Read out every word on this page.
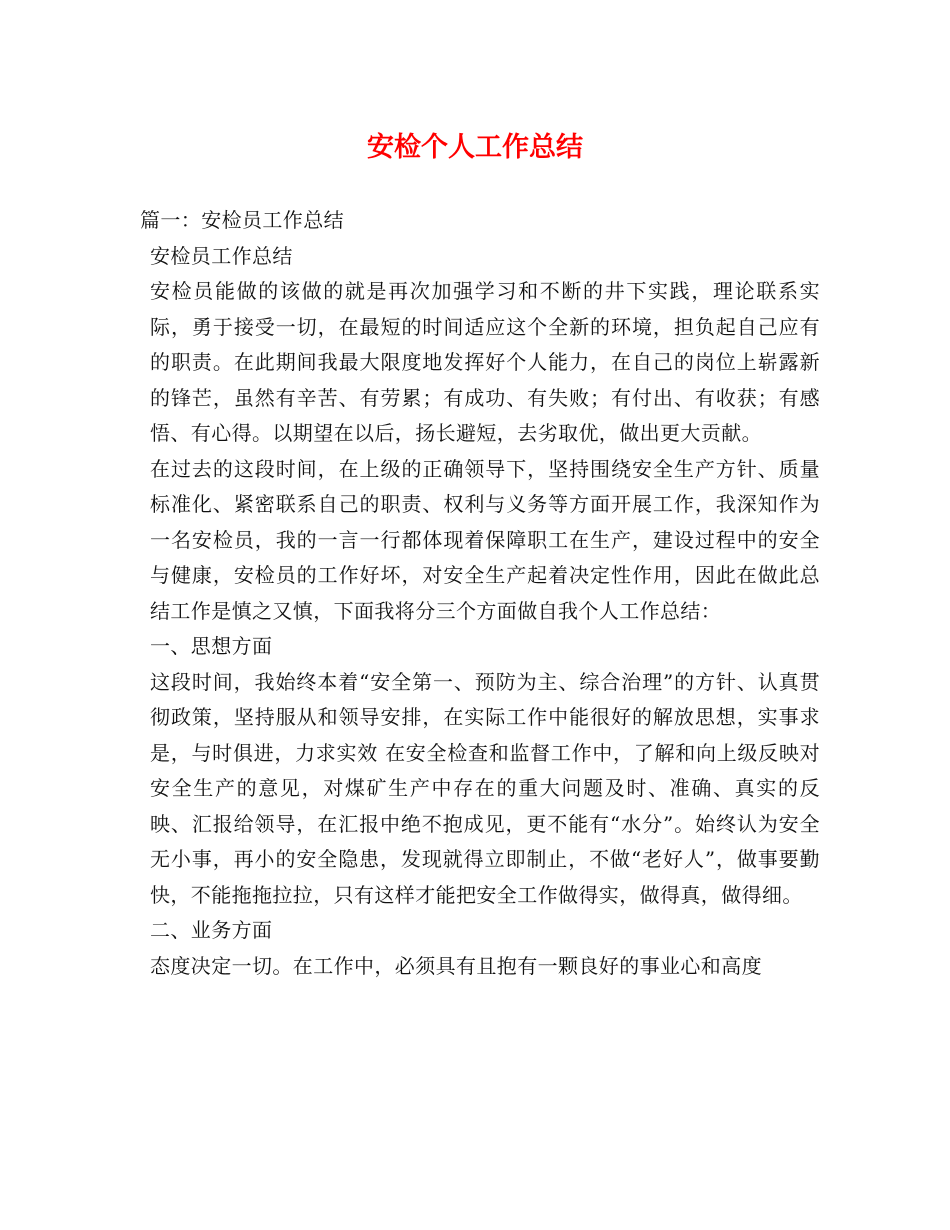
安检个人工作总结

篇一：安检员工作总结

安检员工作总结

安检员能做的该做的就是再次加强学习和不断的井下实践，理论联系实际，勇于接受一切，在最短的时间适应这个全新的环境，担负起自己应有的职责。在此期间我最大限度地发挥好个人能力，在自己的岗位上崭露新的锋芒，虽然有辛苦、有劳累；有成功、有失败；有付出、有收获；有感悟、有心得。以期望在以后，扬长避短，去劣取优，做出更大贡献。

在过去的这段时间，在上级的正确领导下，坚持围绕安全生产方针、质量标准化、紧密联系自己的职责、权利与义务等方面开展工作，我深知作为一名安检员，我的一言一行都体现着保障职工在生产，建设过程中的安全与健康，安检员的工作好坏，对安全生产起着决定性作用，因此在做此总结工作是慎之又慎，下面我将分三个方面做自我个人工作总结：

一、思想方面

这段时间，我始终本着“安全第一、预防为主、综合治理”的方针、认真贯彻政策，坚持服从和领导安排，在实际工作中能很好的解放思想，实事求是，与时俱进，力求实效 在安全检查和监督工作中，了解和向上级反映对安全生产的意见，对煤矿生产中存在的重大问题及时、准确、真实的反映、汇报给领导，在汇报中绝不抱成见，更不能有“水分”。始终认为安全无小事，再小的安全隐患，发现就得立即制止，不做“老好人”，做事要勤快，不能拖拖拉拉，只有这样才能把安全工作做得实，做得真，做得细。

二、业务方面

态度决定一切。在工作中，必须具有且抱有一颗良好的事业心和高度
